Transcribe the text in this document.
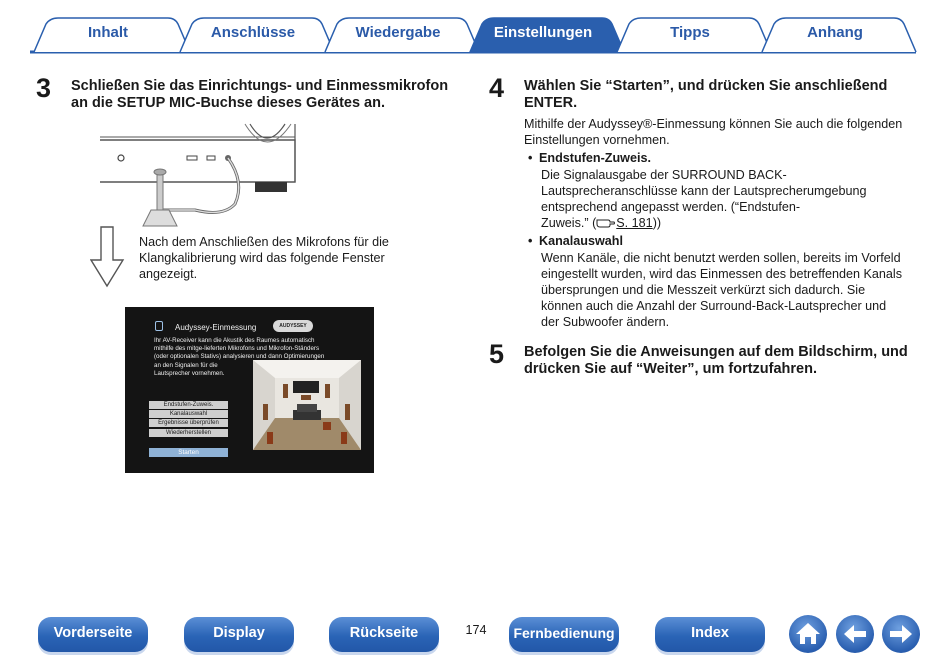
Inhalt	Anschlüsse	Wiedergabe	Einstellungen	Tipps	Anhang
3 Schließen Sie das Einrichtungs- und Einmessmikrofon
an die SETUP MIC-Buchse dieses Gerätes an.
Nach dem Anschließen des Mikrofons für die
Klangkalibrierung wird das folgende Fenster
angezeigt.
Audyssey-Einmessung	AUDYSSEY
Ihr AV-Receiver kann die Akustik des Raumes automatisch
mithilfe des mitge-lieferten Mikrofons und Mikrofon-Ständers
(oder optionalen Stativs) analysieren und dann Optimierungen
an den Signalen für die
Lautsprecher vornehmen.
Endstufen-Zuweis.
Kanalauswahl
Ergebnisse überprüfen
Wiederherstellen
Starten
4 Wählen Sie “Starten”, und drücken Sie anschließend
ENTER.
Mithilfe der Audyssey®-Einmessung können Sie auch die folgenden
Einstellungen vornehmen.
• Endstufen-Zuweis.
Die Signalausgabe der SURROUND BACK-
Lautsprecheranschlüsse kann der Lautsprecherumgebung
entsprechend angepasst werden. (“Endstufen-
Zuweis.” ( S. 181))
• Kanalauswahl
Wenn Kanäle, die nicht benutzt werden sollen, bereits im Vorfeld
eingestellt wurden, wird das Einmessen des betreffenden Kanals
übersprungen und die Messzeit verkürzt sich dadurch. Sie
können auch die Anzahl der Surround-Back-Lautsprecher und
der Subwoofer ändern.
5 Befolgen Sie die Anweisungen auf dem Bildschirm, und
drücken Sie auf “Weiter”, um fortzufahren.
Vorderseite	Display	Rückseite	174	Fernbedienung	Index
